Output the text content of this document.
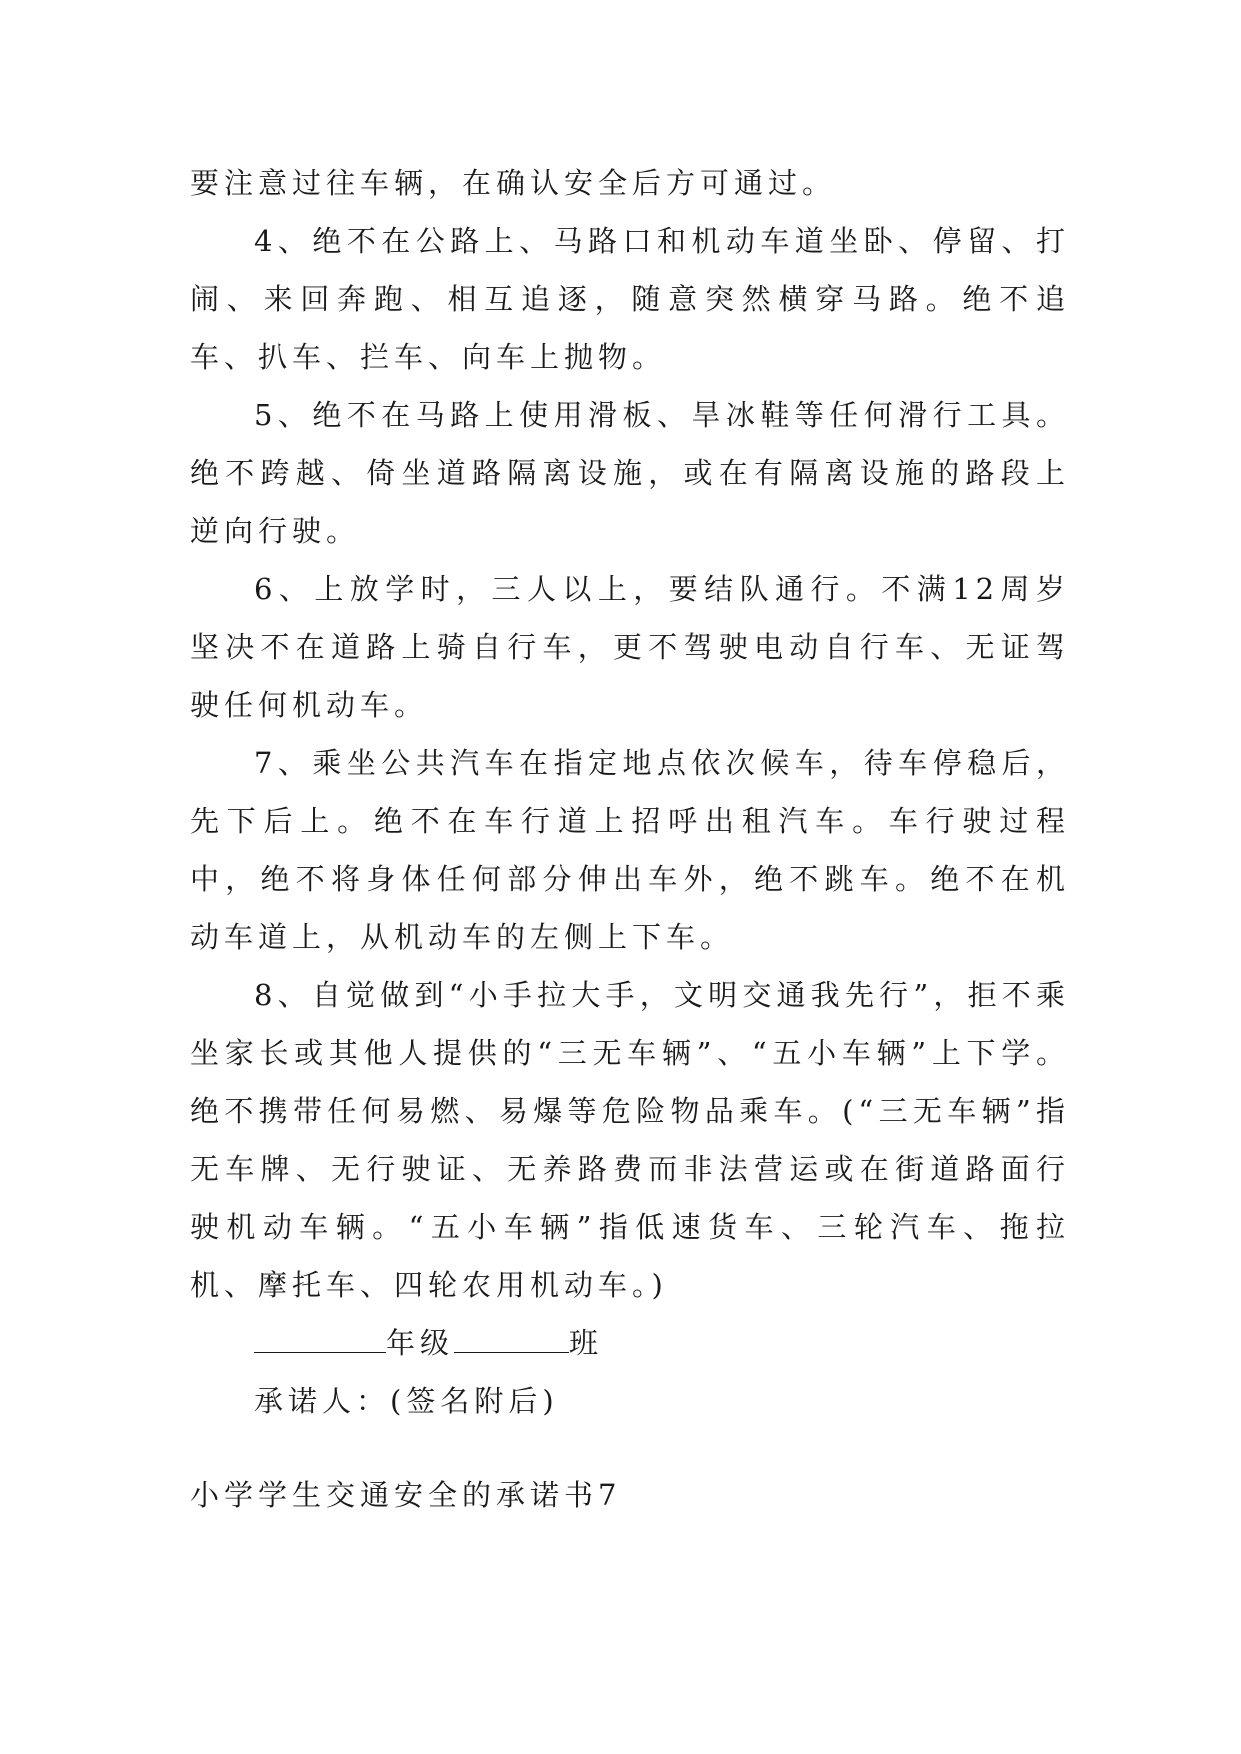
要注意过往车辆，在确认安全后方可通过。

4、绝不在公路上、马路口和机动车道坐卧、停留、打闹、来回奔跑、相互追逐，随意突然横穿马路。绝不追车、扒车、拦车、向车上抛物。

5、绝不在马路上使用滑板、旱冰鞋等任何滑行工具。绝不跨越、倚坐道路隔离设施，或在有隔离设施的路段上逆向行驶。

6、上放学时，三人以上，要结队通行。不满12周岁坚决不在道路上骑自行车，更不驾驶电动自行车、无证驾驶任何机动车。

7、乘坐公共汽车在指定地点依次候车，待车停稳后，先下后上。绝不在车行道上招呼出租汽车。车行驶过程中，绝不将身体任何部分伸出车外，绝不跳车。绝不在机动车道上，从机动车的左侧上下车。

8、自觉做到“小手拉大手，文明交通我先行”，拒不乘坐家长或其他人提供的“三无车辆”、“五小车辆”上下学。绝不携带任何易燃、易爆等危险物品乘车。(“三无车辆”指无车牌、无行驶证、无养路费而非法营运或在街道路面行驶机动车辆。“五小车辆”指低速货车、三轮汽车、拖拉机、摩托车、四轮农用机动车。)

年级	班

承诺人：(签名附后)

小学学生交通安全的承诺书7
